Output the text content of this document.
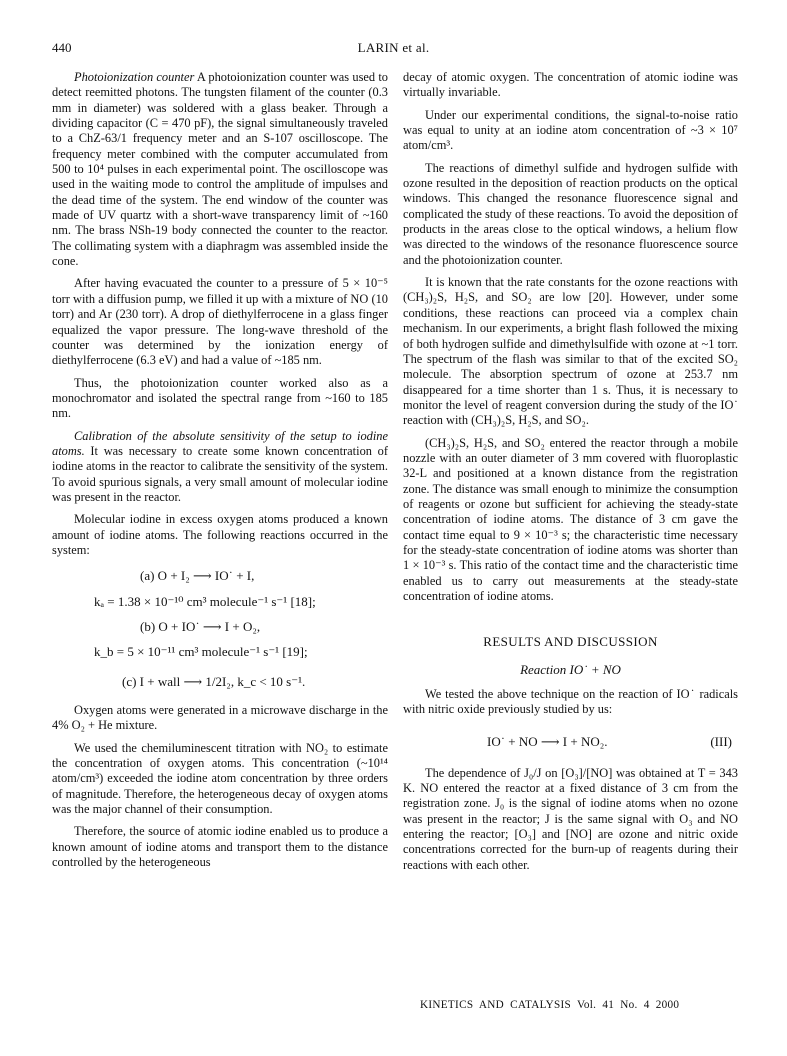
440	LARIN et al.

Photoionization counter A photoionization counter was used to detect reemitted photons. The tungsten filament of the counter (0.3 mm in diameter) was soldered with a glass beaker. Through a dividing capacitor (C = 470 pF), the signal simultaneously traveled to a ChZ-63/1 frequency meter and an S-107 oscilloscope. The frequency meter combined with the computer accumulated from 500 to 10⁴ pulses in each experimental point. The oscilloscope was used in the waiting mode to control the amplitude of impulses and the dead time of the system. The end window of the counter was made of UV quartz with a short-wave transparency limit of ~160 nm. The brass NSh-19 body connected the counter to the reactor. The collimating system with a diaphragm was assembled inside the cone.

After having evacuated the counter to a pressure of 5 × 10⁻⁵ torr with a diffusion pump, we filled it up with a mixture of NO (10 torr) and Ar (230 torr). A drop of diethylferrocene in a glass finger equalized the vapor pressure. The long-wave threshold of the counter was determined by the ionization energy of diethylferrocene (6.3 eV) and had a value of ~185 nm.

Thus, the photoionization counter worked also as a monochromator and isolated the spectral range from ~160 to 185 nm.

Calibration of the absolute sensitivity of the setup to iodine atoms. It was necessary to create some known concentration of iodine atoms in the reactor to calibrate the sensitivity of the system. To avoid spurious signals, a very small amount of molecular iodine was present in the reactor.

Molecular iodine in excess oxygen atoms produced a known amount of iodine atoms. The following reactions occurred in the system:

(a) O + I₂ ⟶ IO˙ + I,
kₐ = 1.38 × 10⁻¹⁰ cm³ molecule⁻¹ s⁻¹ [18];
(b) O + IO˙ ⟶ I + O₂,
k_b = 5 × 10⁻¹¹ cm³ molecule⁻¹ s⁻¹ [19];
(c) I + wall ⟶ 1/2I₂, k_c < 10 s⁻¹.

Oxygen atoms were generated in a microwave discharge in the 4% O₂ + He mixture.

We used the chemiluminescent titration with NO₂ to estimate the concentration of oxygen atoms. This concentration (~10¹⁴ atom/cm³) exceeded the iodine atom concentration by three orders of magnitude. Therefore, the heterogeneous decay of oxygen atoms was the major channel of their consumption.

Therefore, the source of atomic iodine enabled us to produce a known amount of iodine atoms and transport them to the distance controlled by the heterogeneous

decay of atomic oxygen. The concentration of atomic iodine was virtually invariable.

Under our experimental conditions, the signal-to-noise ratio was equal to unity at an iodine atom concentration of ~3 × 10⁷ atom/cm³.

The reactions of dimethyl sulfide and hydrogen sulfide with ozone resulted in the deposition of reaction products on the optical windows. This changed the resonance fluorescence signal and complicated the study of these reactions. To avoid the deposition of products in the areas close to the optical windows, a helium flow was directed to the windows of the resonance fluorescence source and the photoionization counter.

It is known that the rate constants for the ozone reactions with (CH₃)₂S, H₂S, and SO₂ are low [20]. However, under some conditions, these reactions can proceed via a complex chain mechanism. In our experiments, a bright flash followed the mixing of both hydrogen sulfide and dimethylsulfide with ozone at ~1 torr. The spectrum of the flash was similar to that of the excited SO₂ molecule. The absorption spectrum of ozone at 253.7 nm disappeared for a time shorter than 1 s. Thus, it is necessary to monitor the level of reagent conversion during the study of the IO˙ reaction with (CH₃)₂S, H₂S, and SO₂.

(CH₃)₂S, H₂S, and SO₂ entered the reactor through a mobile nozzle with an outer diameter of 3 mm covered with fluoroplastic 32-L and positioned at a known distance from the registration zone. The distance was small enough to minimize the consumption of reagents or ozone but sufficient for achieving the steady-state concentration of iodine atoms. The distance of 3 cm gave the contact time equal to 9 × 10⁻³ s; the characteristic time necessary for the steady-state concentration of iodine atoms was shorter than 1 × 10⁻³ s. This ratio of the contact time and the characteristic time enabled us to carry out measurements at the steady-state concentration of iodine atoms.

RESULTS AND DISCUSSION
Reaction IO˙ + NO

We tested the above technique on the reaction of IO˙ radicals with nitric oxide previously studied by us:

IO˙ + NO ⟶ I + NO₂.	(III)

The dependence of J₀/J on [O₃]/[NO] was obtained at T = 343 K. NO entered the reactor at a fixed distance of 3 cm from the registration zone. J₀ is the signal of iodine atoms when no ozone was present in the reactor; J is the same signal with O₃ and NO entering the reactor; [O₃] and [NO] are ozone and nitric oxide concentrations corrected for the burn-up of reagents during their reactions with each other.

KINETICS AND CATALYSIS Vol. 41 No. 4 2000
